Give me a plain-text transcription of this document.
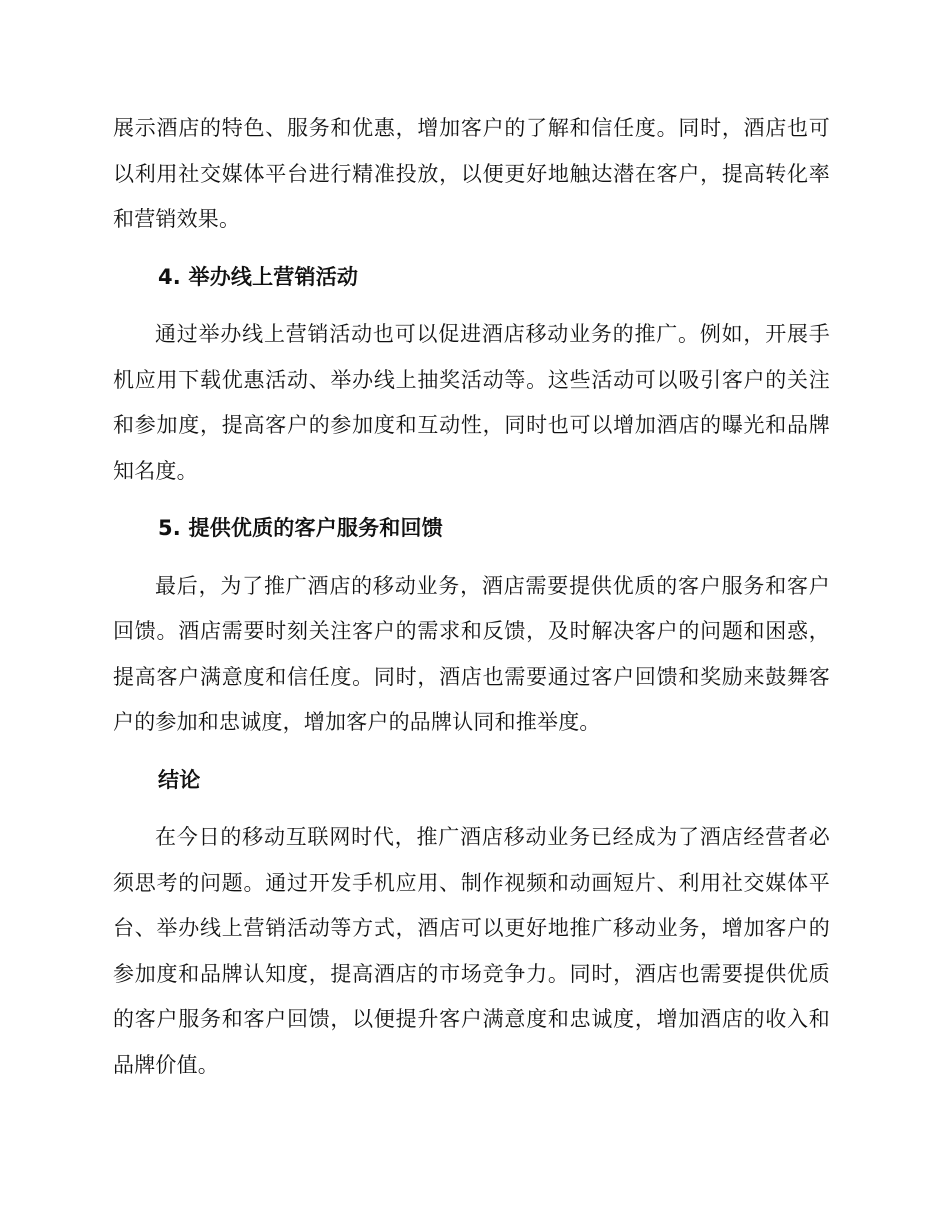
展示酒店的特色、服务和优惠，增加客户的了解和信任度。同时，酒店也可以利用社交媒体平台进行精准投放，以便更好地触达潜在客户，提高转化率和营销效果。

4. 举办线上营销活动

通过举办线上营销活动也可以促进酒店移动业务的推广。例如，开展手机应用下载优惠活动、举办线上抽奖活动等。这些活动可以吸引客户的关注和参加度，提高客户的参加度和互动性，同时也可以增加酒店的曝光和品牌知名度。

5. 提供优质的客户服务和回馈

最后，为了推广酒店的移动业务，酒店需要提供优质的客户服务和客户回馈。酒店需要时刻关注客户的需求和反馈，及时解决客户的问题和困惑，提高客户满意度和信任度。同时，酒店也需要通过客户回馈和奖励来鼓舞客户的参加和忠诚度，增加客户的品牌认同和推举度。

结论

在今日的移动互联网时代，推广酒店移动业务已经成为了酒店经营者必须思考的问题。通过开发手机应用、制作视频和动画短片、利用社交媒体平台、举办线上营销活动等方式，酒店可以更好地推广移动业务，增加客户的参加度和品牌认知度，提高酒店的市场竞争力。同时，酒店也需要提供优质的客户服务和客户回馈，以便提升客户满意度和忠诚度，增加酒店的收入和品牌价值。
